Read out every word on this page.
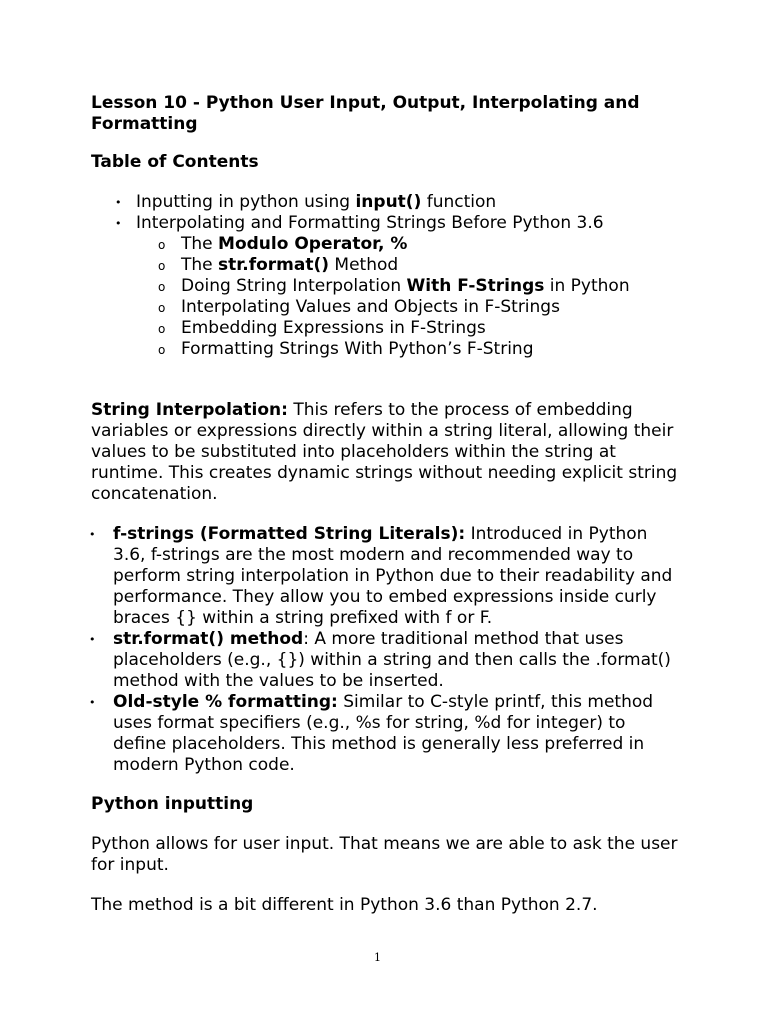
Lesson 10 - Python User Input, Output, Interpolating and Formatting

Table of Contents

• Inputting in python using input() function
• Interpolating and Formatting Strings Before Python 3.6
o The Modulo Operator, %
o The str.format() Method
o Doing String Interpolation With F-Strings in Python
o Interpolating Values and Objects in F-Strings
o Embedding Expressions in F-Strings
o Formatting Strings With Python’s F-String

String Interpolation: This refers to the process of embedding variables or expressions directly within a string literal, allowing their values to be substituted into placeholders within the string at runtime. This creates dynamic strings without needing explicit string concatenation.

• f-strings (Formatted String Literals): Introduced in Python 3.6, f-strings are the most modern and recommended way to perform string interpolation in Python due to their readability and performance. They allow you to embed expressions inside curly braces {} within a string prefixed with f or F.
• str.format() method: A more traditional method that uses placeholders (e.g., {}) within a string and then calls the .format() method with the values to be inserted.
• Old-style % formatting: Similar to C-style printf, this method uses format specifiers (e.g., %s for string, %d for integer) to define placeholders. This method is generally less preferred in modern Python code.

Python inputting

Python allows for user input. That means we are able to ask the user for input.

The method is a bit different in Python 3.6 than Python 2.7.

1
